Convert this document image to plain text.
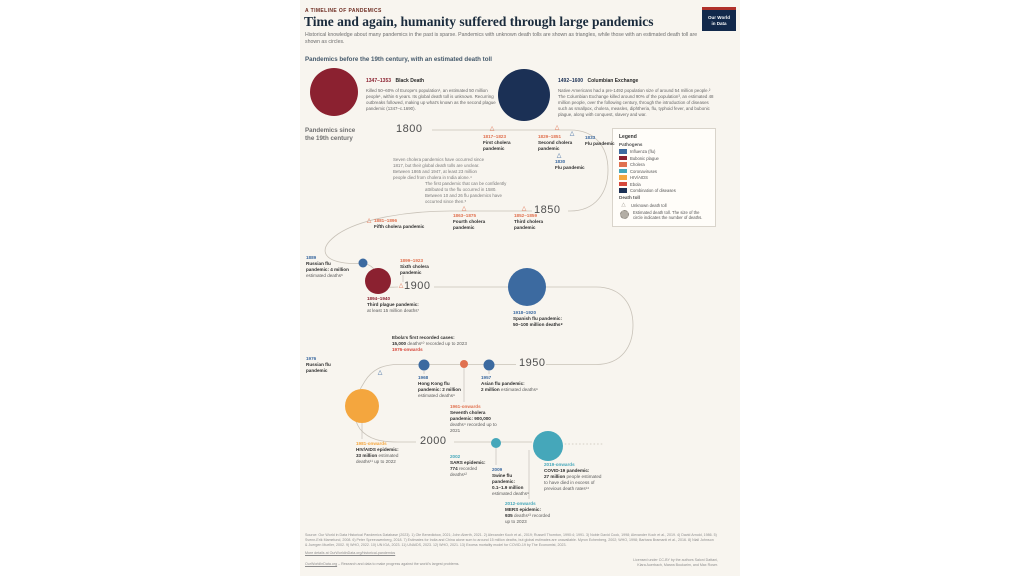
A TIMELINE OF PANDEMICS
Time and again, humanity suffered through large pandemics
Historical knowledge about many pandemics in the past is sparse. Pandemics with unknown death tolls are shown as triangles, while those with an estimated death toll are shown as circles.
Our World
in Data
Pandemics before the 19th century, with an estimated death toll
1347–1353 Black Death
Killed 50–60% of Europe's population¹, an estimated 50 million people¹, within 6 years. Its global death toll is unknown. Recurring outbreaks followed, making up what's known as the second plague pandemic (1347–c.1690).
1492–1600 Columbian Exchange
Native Americans had a pre-1492 population size of around 54 million people.² The Columbian Exchange killed around 90% of the population³, an estimated 48 million people, over the following century, through the introduction of diseases such as smallpox, cholera, measles, diphtheria, flu, typhoid fever, and bubonic plague, along with conquest, slavery and war.
Pandemics since
the 19th century	Legend
Pathogens
Influenza (flu)
Bubonic plague
Cholera
Coronaviruses
HIV/AIDS
Ebola
Combination of diseases
Death toll
△	Unknown death toll
Estimated death toll. The size of the circle indicates the number of deaths.
1800
1850
1900
1950
2000
△	△
△
△
△	△
△
△
△
Seven cholera pandemics have occurred since
1817, but their global death tolls are unclear.
Between 1865 and 1947, at least 23 million
people died from cholera in India alone.⁴
The first pandemic that can be confidently
attributed to the flu occurred in 1580.
Between 10 and 26 flu pandemics have
occurred since then.⁵
1817–1823
First cholera
pandemic
1829–1851
Second cholera
pandemic
1833
Flu pandemic
1830
Flu pandemic
1863–1875
Fourth cholera
pandemic
1852–1859
Third cholera
pandemic
1881–1896
Fifth cholera pandemic
1889
Russian flu
pandemic: 4 million
estimated deaths⁶
1894–1940
Third plague pandemic:
at least 15 million deaths⁷
1899–1923
Sixth cholera
pandemic
1918–1920
Spanish flu pandemic:
50–100 million deaths⁸
Ebola's first recorded cases:
15,000 deaths¹⁰ recorded up to 2023
1976-onwards
1976
Russian flu
pandemic
1968
Hong Kong flu
pandemic: 2 million
estimated deaths⁹
1957
Asian flu pandemic:
2 million estimated deaths⁹
1961-onwards
Seventh cholera
pandemic: 900,000
deaths⁴ recorded up to
2021
1981-onwards
HIV/AIDS epidemic:
33 million estimated
deaths¹¹ up to 2022
2002
SARS epidemic:
774 recorded
deaths¹²
2009
Swine flu
pandemic:
0.1–1.9 million
estimated deaths⁹
2019-onwards
COVID-19 pandemic:
27 million people estimated
to have died in excess of
previous death rates¹⁴
2012-onwards
MERS epidemic:
935 deaths¹³ recorded
up to 2023
Source: Our World in Data Historical Pandemics Database (2023). 1) Ole Benedictow, 2021; John Aberth, 2021. 2) Alexander Koch et al., 2019; Russell Thornton, 1990:4; 1991. 3) Noble David Cook, 1998; Alexander Koch et al., 2019. 4) David Arnold, 1986. 5) Svenn-Erik Mamelund, 2008. 6) Peter Spreeuwenberg, 2018. 7) Estimates for India and China alone sum to around 15 million deaths, but global estimates are unavailable. Myron Echenberg, 2002; WHO, 1998; Barbara Bramanti et al., 2016. 8) Niall Johnson & Juergen Mueller, 2002. 9) WHO, 2022. 10) UN IGA, 2023. 11) UNAIDS, 2023. 12) WHO, 2021. 13) Excess mortality model for COVID-19 by The Economist, 2023.
More details at OurWorldinData.org/historical-pandemics
OurWorldInData.org – Research and data to make progress against the world's largest problems.
Licensed under CC-BY by the authors Saloni Dattani,
Klara Auerbach, Marwa Boukarim, and Max Roser.
